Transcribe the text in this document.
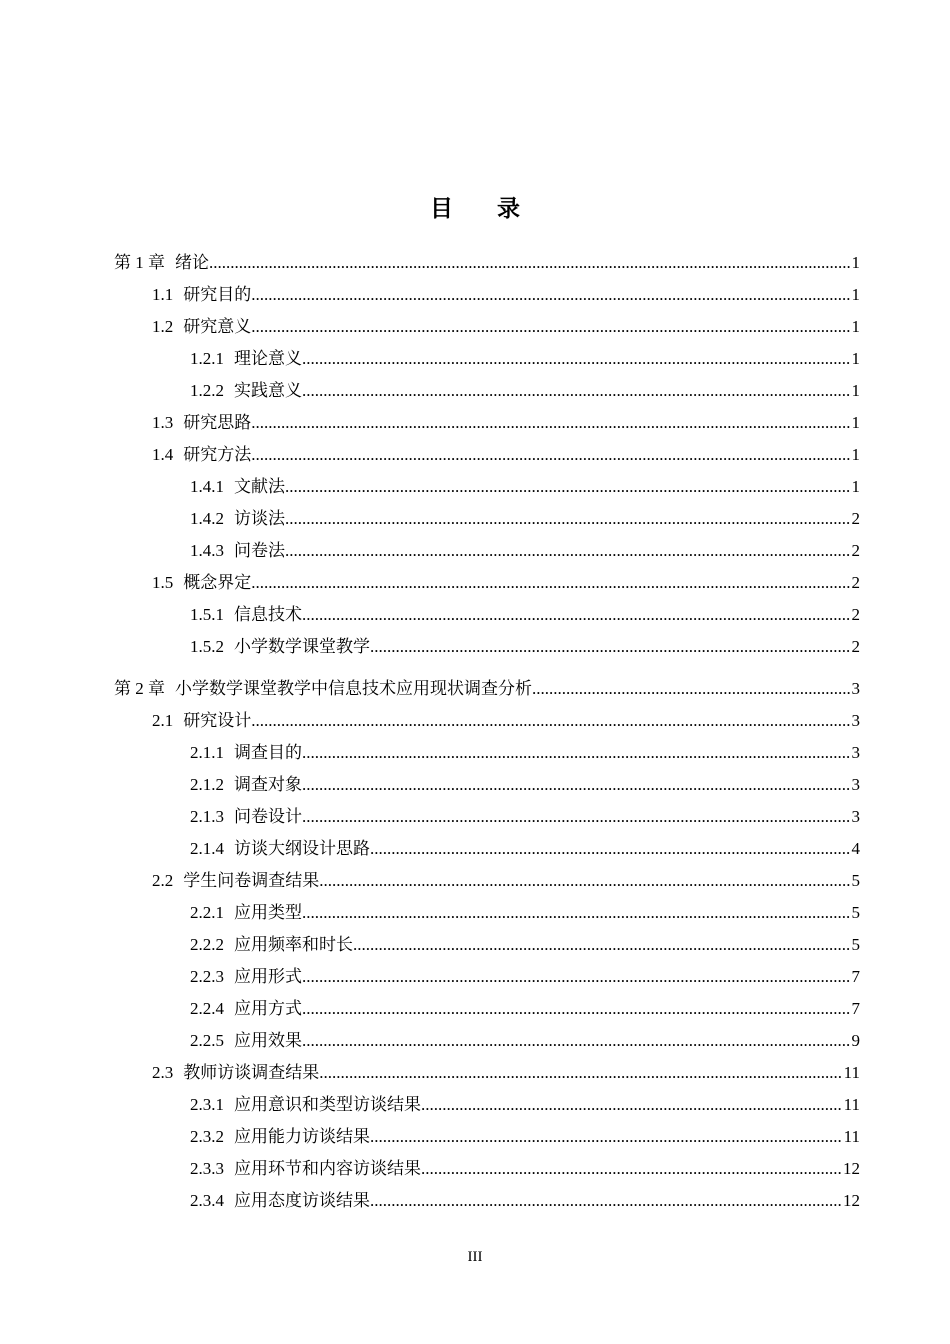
目录
第 1 章 绪论 .....	1
1.1 研究目的 .....	1
1.2 研究意义 .....	1
1.2.1 理论意义 .....	1
1.2.2 实践意义 .....	1
1.3 研究思路 .....	1
1.4 研究方法 .....	1
1.4.1 文献法 .....	1
1.4.2 访谈法 .....	2
1.4.3 问卷法 .....	2
1.5 概念界定 .....	2
1.5.1 信息技术 .....	2
1.5.2 小学数学课堂教学 .....	2
第 2 章 小学数学课堂教学中信息技术应用现状调查分析 .....	3
2.1 研究设计 .....	3
2.1.1 调查目的 .....	3
2.1.2 调查对象 .....	3
2.1.3 问卷设计 .....	3
2.1.4 访谈大纲设计思路 .....	4
2.2 学生问卷调查结果 .....	5
2.2.1 应用类型 .....	5
2.2.2 应用频率和时长 .....	5
2.2.3 应用形式 .....	7
2.2.4 应用方式 .....	7
2.2.5 应用效果 .....	9
2.3 教师访谈调查结果 .....	11
2.3.1 应用意识和类型访谈结果 .....	11
2.3.2 应用能力访谈结果 .....	11
2.3.3 应用环节和内容访谈结果 .....	12
2.3.4 应用态度访谈结果 .....	12
III
